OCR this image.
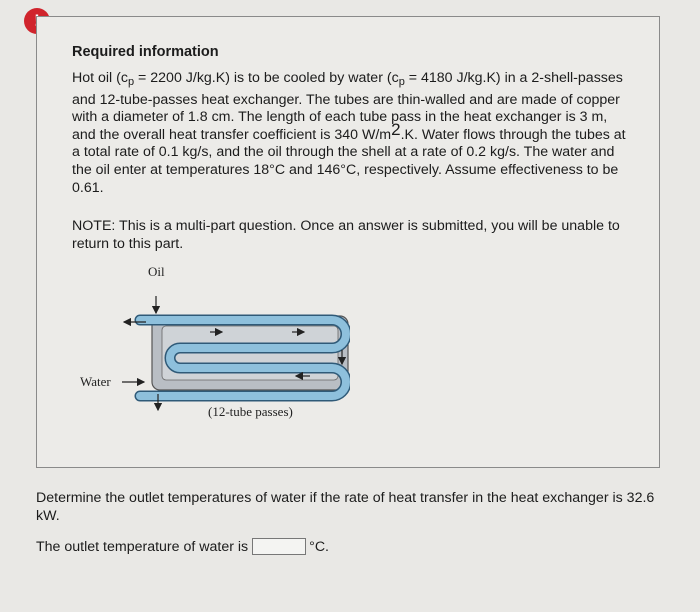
Required information
Hot oil ($c_p = 2200$ J/kg.K) is to be cooled by water ($c_p = 4180$ J/kg.K) in a 2-shell-passes and 12-tube-passes heat exchanger. The tubes are thin-walled and are made of copper with a diameter of 1.8 cm. The length of each tube pass in the heat exchanger is 3 m, and the overall heat transfer coefficient is 340 $W/m^2.K$. Water flows through the tubes at a total rate of 0.1 kg/s, and the oil through the shell at a rate of 0.2 kg/s. The water and the oil enter at temperatures 18°C and 146°C, respectively. Assume effectiveness to be 0.61.
NOTE: This is a multi-part question. Once an answer is submitted, you will be unable to return to this part.
Oil
Water
(12-tube passes)
Determine the outlet temperatures of water if the rate of heat transfer in the heat exchanger is 32.6 kW.
The outlet temperature of water is	°C.
